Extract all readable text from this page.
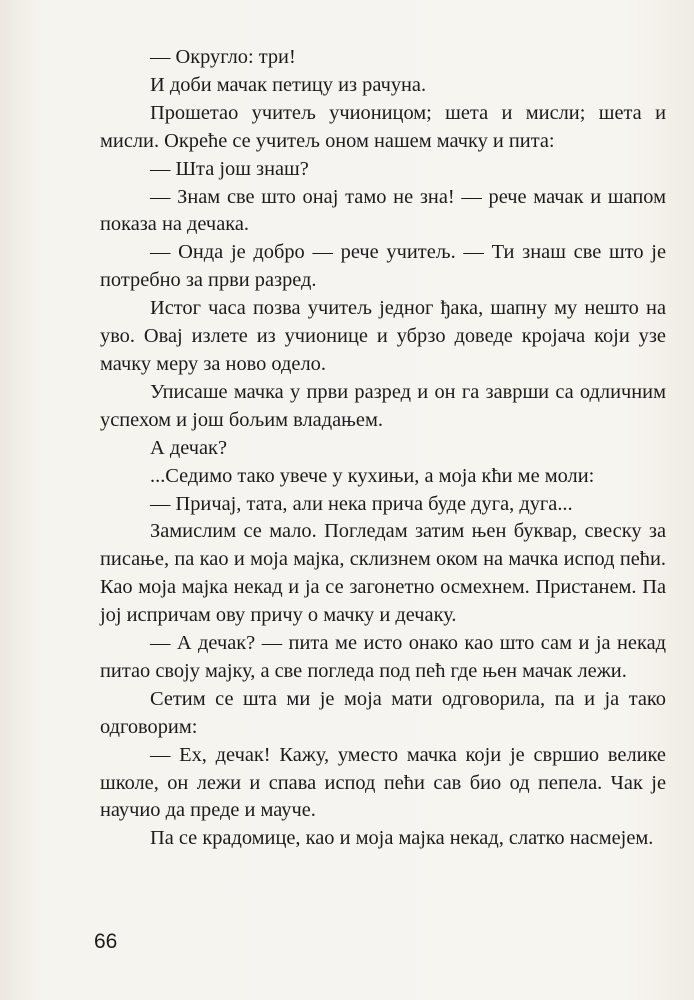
— Округло: три!

И доби мачак петицу из рачуна.

Прошетао учитељ учионицом; шета и мисли; шета и мисли. Окреће се учитељ оном нашем мачку и пита:

— Шта још знаш?

— Знам све што онај тамо не зна! — рече мачак и шапом показа на дечака.

— Онда је добро — рече учитељ. — Ти знаш све што је потребно за први разред.

Истог часа позва учитељ једног ђака, шапну му нешто на уво. Овај излете из учионице и убрзо доведе кројача који узе мачку меру за ново одело.

Уписаше мачка у први разред и он га заврши са одличним успехом и још бољим владањем.

А дечак?

...Седимо тако увече у кухињи, а моја кћи ме моли:

— Причај, тата, али нека прича буде дуга, дуга...

Замислим се мало. Погледам затим њен буквар, свеску за писање, па као и моја мајка, склизнем оком на мачка испод пећи. Као моја мајка некад и ја се загонетно осмехнем. Пристанем. Па јој испричам ову причу о мачку и дечаку.

— А дечак? — пита ме исто онако као што сам и ја некад питао своју мајку, а све погледа под пећ где њен мачак лежи.

Сетим се шта ми је моја мати одговорила, па и ја тако одговорим:

— Ех, дечак! Кажу, уместо мачка који је свршио велике школе, он лежи и спава испод пећи сав био од пепела. Чак је научио да преде и мауче.

Па се крадомице, као и моја мајка некад, слатко насмејем.

66
